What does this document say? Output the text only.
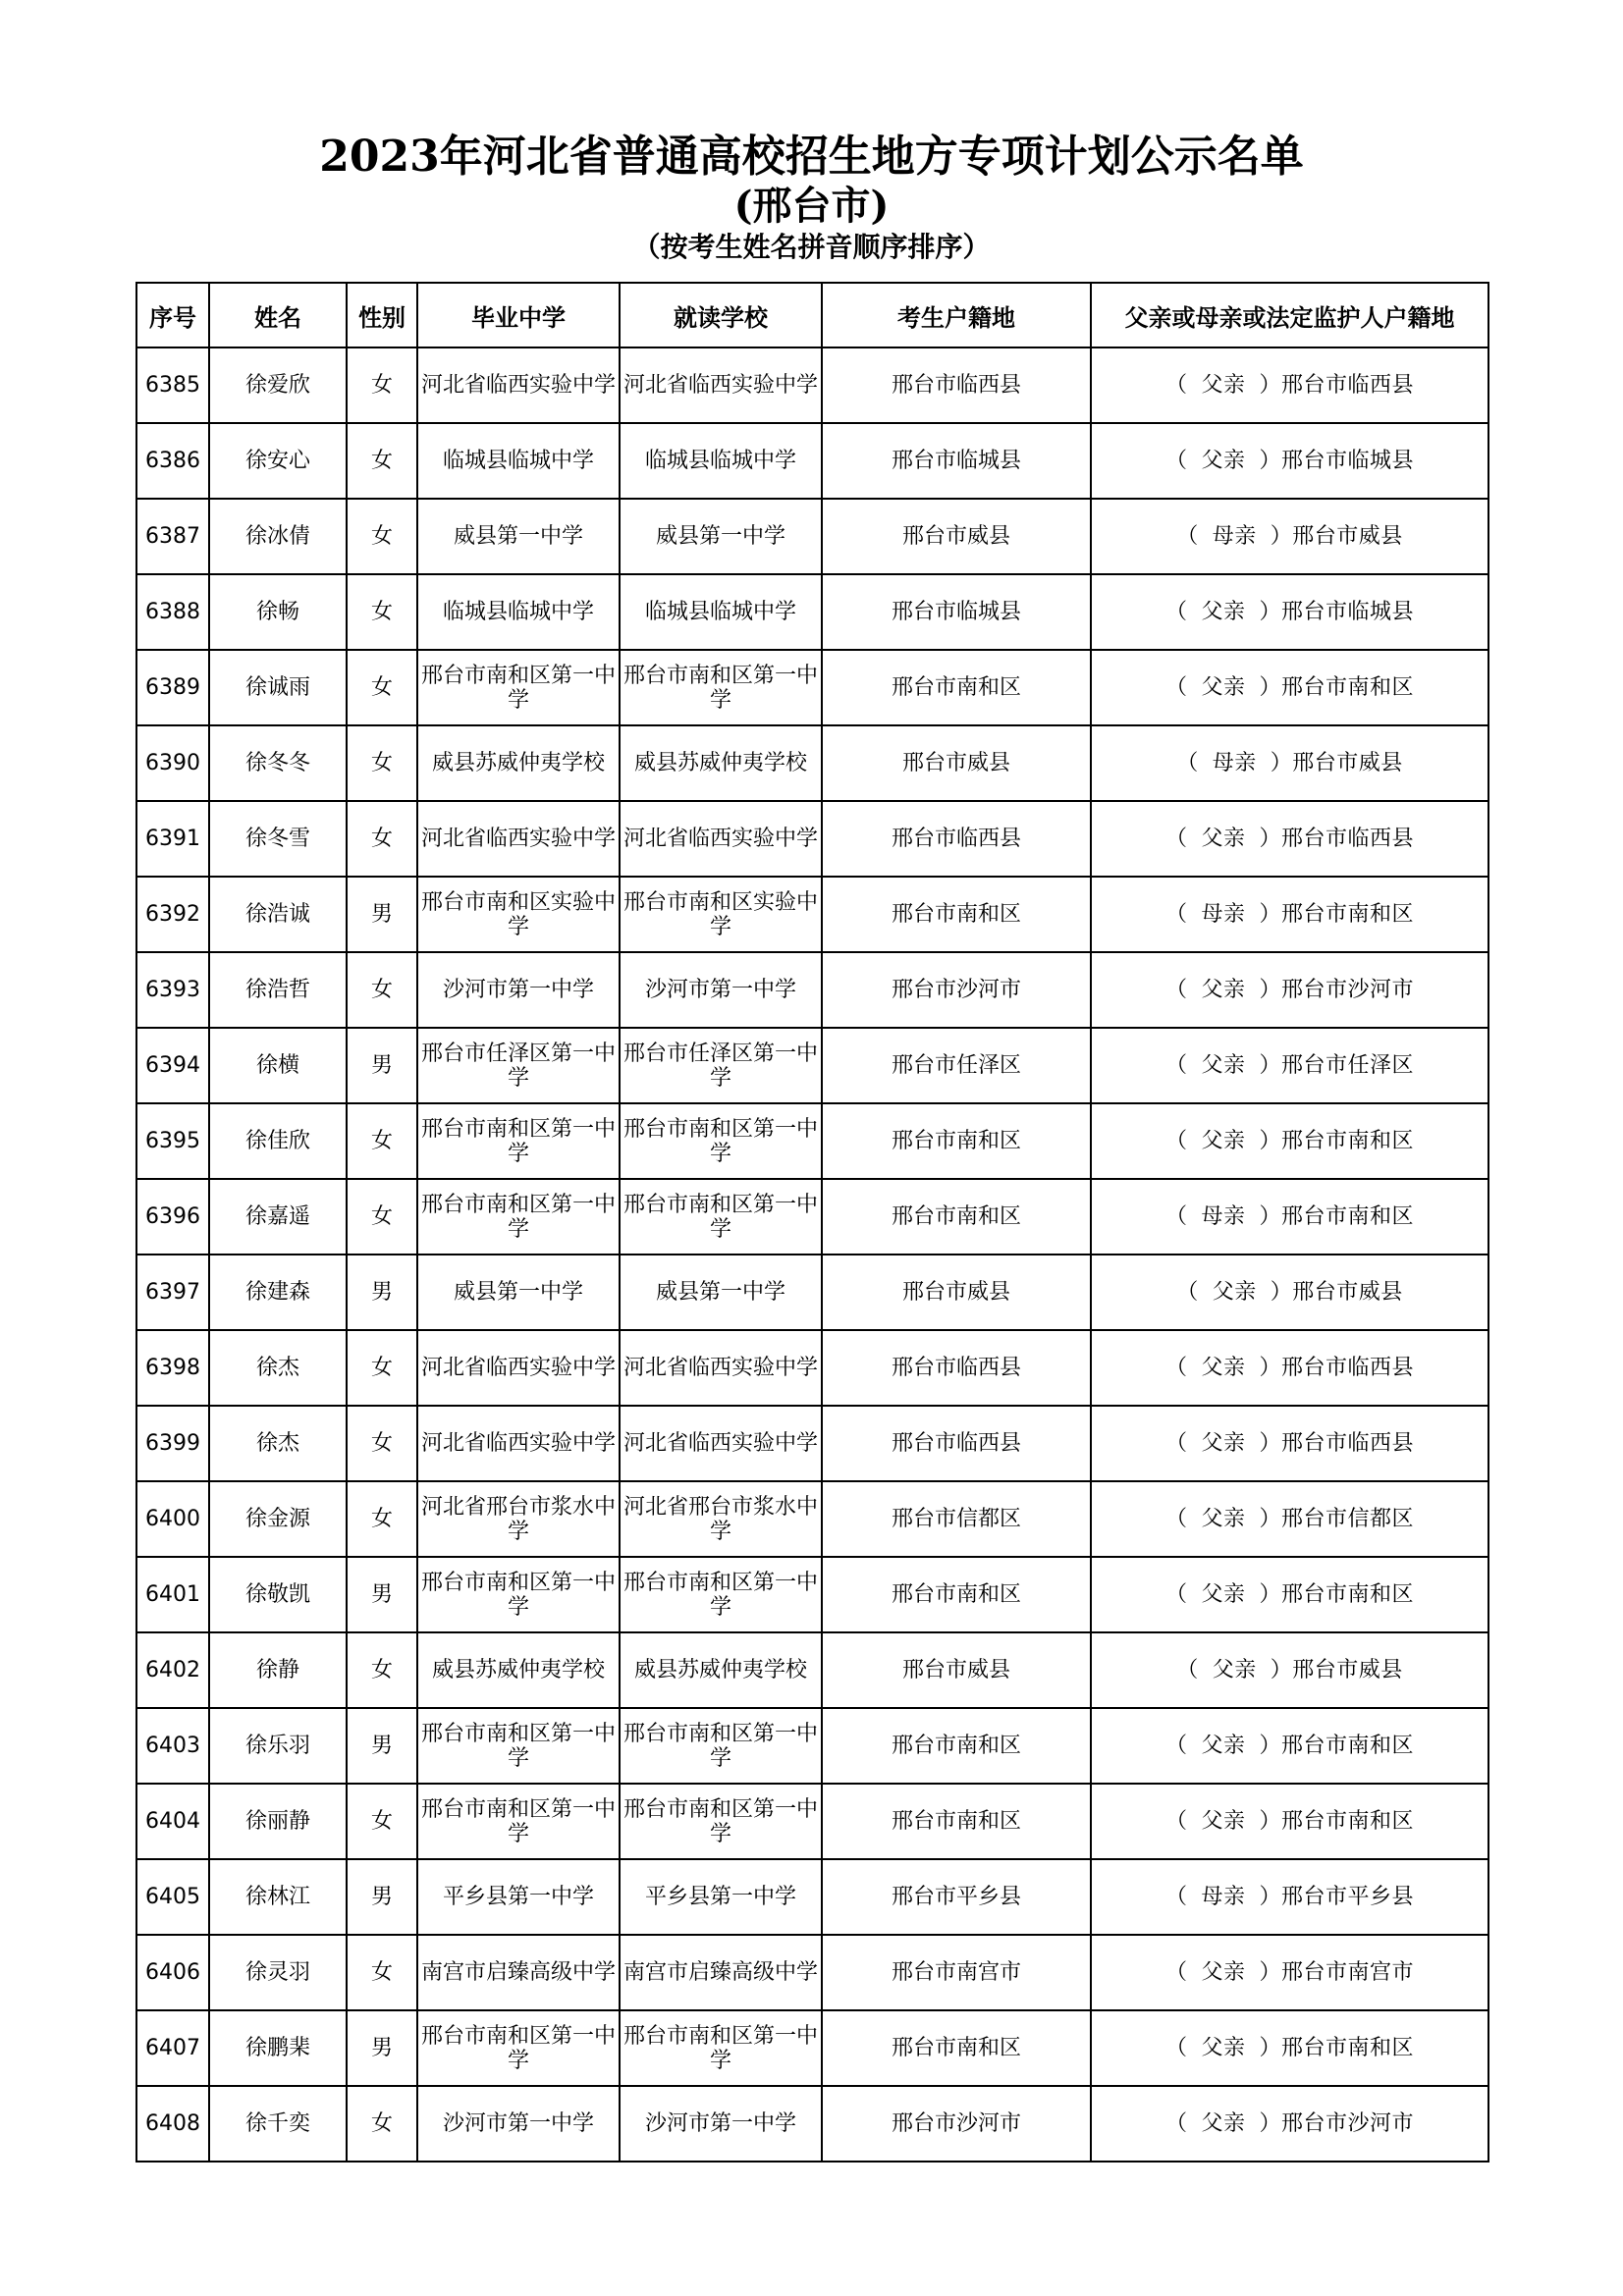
2023年河北省普通高校招生地方专项计划公示名单
(邢台市)
（按考生姓名拼音顺序排序）
序号	姓名	性别	毕业中学	就读学校	考生户籍地	父亲或母亲或法定监护人户籍地
6385	徐爱欣	女	河北省临西实验中学	河北省临西实验中学	邢台市临西县	（ 父亲 ）邢台市临西县
6386	徐安心	女	临城县临城中学	临城县临城中学	邢台市临城县	（ 父亲 ）邢台市临城县
6387	徐冰倩	女	威县第一中学	威县第一中学	邢台市威县	（ 母亲 ）邢台市威县
6388	徐畅	女	临城县临城中学	临城县临城中学	邢台市临城县	（ 父亲 ）邢台市临城县
6389	徐诚雨	女	邢台市南和区第一中学	邢台市南和区第一中学	邢台市南和区	（ 父亲 ）邢台市南和区
6390	徐冬冬	女	威县苏威仲夷学校	威县苏威仲夷学校	邢台市威县	（ 母亲 ）邢台市威县
6391	徐冬雪	女	河北省临西实验中学	河北省临西实验中学	邢台市临西县	（ 父亲 ）邢台市临西县
6392	徐浩诚	男	邢台市南和区实验中学	邢台市南和区实验中学	邢台市南和区	（ 母亲 ）邢台市南和区
6393	徐浩哲	女	沙河市第一中学	沙河市第一中学	邢台市沙河市	（ 父亲 ）邢台市沙河市
6394	徐横	男	邢台市任泽区第一中学	邢台市任泽区第一中学	邢台市任泽区	（ 父亲 ）邢台市任泽区
6395	徐佳欣	女	邢台市南和区第一中学	邢台市南和区第一中学	邢台市南和区	（ 父亲 ）邢台市南和区
6396	徐嘉遥	女	邢台市南和区第一中学	邢台市南和区第一中学	邢台市南和区	（ 母亲 ）邢台市南和区
6397	徐建森	男	威县第一中学	威县第一中学	邢台市威县	（ 父亲 ）邢台市威县
6398	徐杰	女	河北省临西实验中学	河北省临西实验中学	邢台市临西县	（ 父亲 ）邢台市临西县
6399	徐杰	女	河北省临西实验中学	河北省临西实验中学	邢台市临西县	（ 父亲 ）邢台市临西县
6400	徐金源	女	河北省邢台市浆水中学	河北省邢台市浆水中学	邢台市信都区	（ 父亲 ）邢台市信都区
6401	徐敬凯	男	邢台市南和区第一中学	邢台市南和区第一中学	邢台市南和区	（ 父亲 ）邢台市南和区
6402	徐静	女	威县苏威仲夷学校	威县苏威仲夷学校	邢台市威县	（ 父亲 ）邢台市威县
6403	徐乐羽	男	邢台市南和区第一中学	邢台市南和区第一中学	邢台市南和区	（ 父亲 ）邢台市南和区
6404	徐丽静	女	邢台市南和区第一中学	邢台市南和区第一中学	邢台市南和区	（ 父亲 ）邢台市南和区
6405	徐林江	男	平乡县第一中学	平乡县第一中学	邢台市平乡县	（ 母亲 ）邢台市平乡县
6406	徐灵羽	女	南宫市启臻高级中学	南宫市启臻高级中学	邢台市南宫市	（ 父亲 ）邢台市南宫市
6407	徐鹏棐	男	邢台市南和区第一中学	邢台市南和区第一中学	邢台市南和区	（ 父亲 ）邢台市南和区
6408	徐千奕	女	沙河市第一中学	沙河市第一中学	邢台市沙河市	（ 父亲 ）邢台市沙河市
